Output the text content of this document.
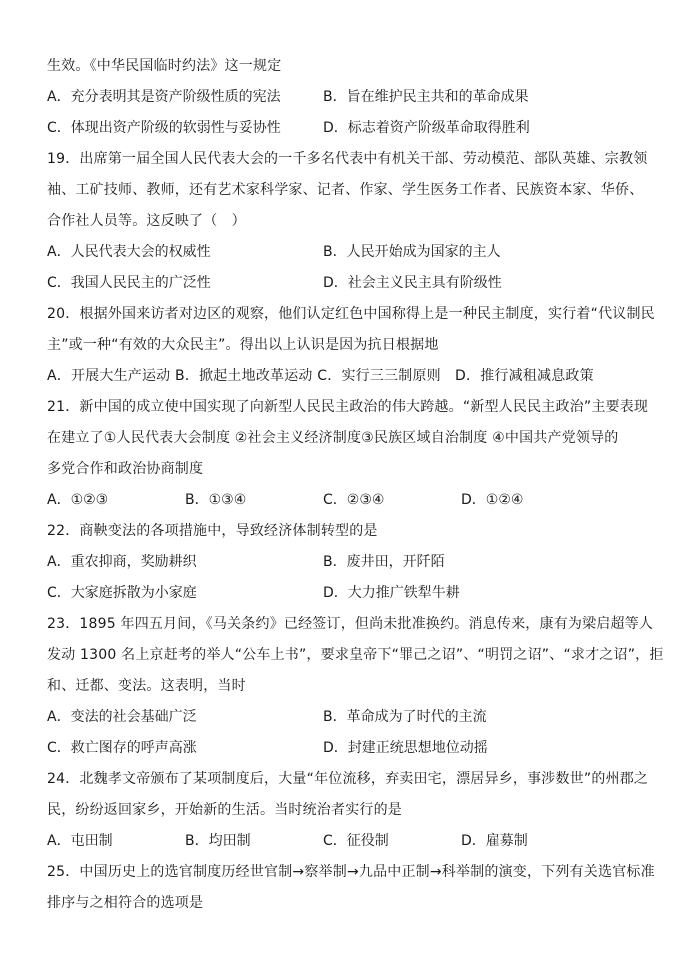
生效。《中华民国临时约法》这一规定
A．充分表明其是资产阶级性质的宪法	B．旨在维护民主共和的革命成果
C．体现出资产阶级的软弱性与妥协性	D．标志着资产阶级革命取得胜利
19．出席第一届全国人民代表大会的一千多名代表中有机关干部、劳动模范、部队英雄、宗教领
袖、工矿技师、教师，还有艺术家科学家、记者、作家、学生医务工作者、民族资本家、华侨、
合作社人员等。这反映了（　）
A．人民代表大会的权威性	B．人民开始成为国家的主人
C．我国人民民主的广泛性	D．社会主义民主具有阶级性
20．根据外国来访者对边区的观察，他们认定红色中国称得上是一种民主制度，实行着“代议制民
主”或一种“有效的大众民主”。得出以上认识是因为抗日根据地
A．开展大生产运动 B．掀起土地改革运动 C．实行三三制原则　D．推行减租减息政策
21．新中国的成立使中国实现了向新型人民民主政治的伟大跨越。“新型人民民主政治”主要表现
在建立了①人民代表大会制度 ②社会主义经济制度③民族区域自治制度 ④中国共产党领导的
多党合作和政治协商制度
A．①②③	B．①③④	C．②③④	D．①②④
22．商鞅变法的各项措施中，导致经济体制转型的是
A．重农抑商，奖励耕织	B．废井田，开阡陌
C．大家庭拆散为小家庭	D．大力推广铁犁牛耕
23．1895 年四五月间，《马关条约》已经签订，但尚未批准换约。消息传来，康有为梁启超等人
发动 1300 名上京赶考的举人“公车上书”，要求皇帝下“罪己之诏”、“明罚之诏”、“求才之诏”，拒
和、迁都、变法。这表明，当时
A．变法的社会基础广泛	B．革命成为了时代的主流
C．救亡图存的呼声高涨	D．封建正统思想地位动摇
24．北魏孝文帝颁布了某项制度后，大量“年位流移，弃卖田宅，漂居异乡，事涉数世”的州郡之
民，纷纷返回家乡，开始新的生活。当时统治者实行的是
A．屯田制	B．均田制	C．征役制	D．雇募制
25．中国历史上的选官制度历经世官制→察举制→九品中正制→科举制的演变，下列有关选官标准
排序与之相符合的选项是
